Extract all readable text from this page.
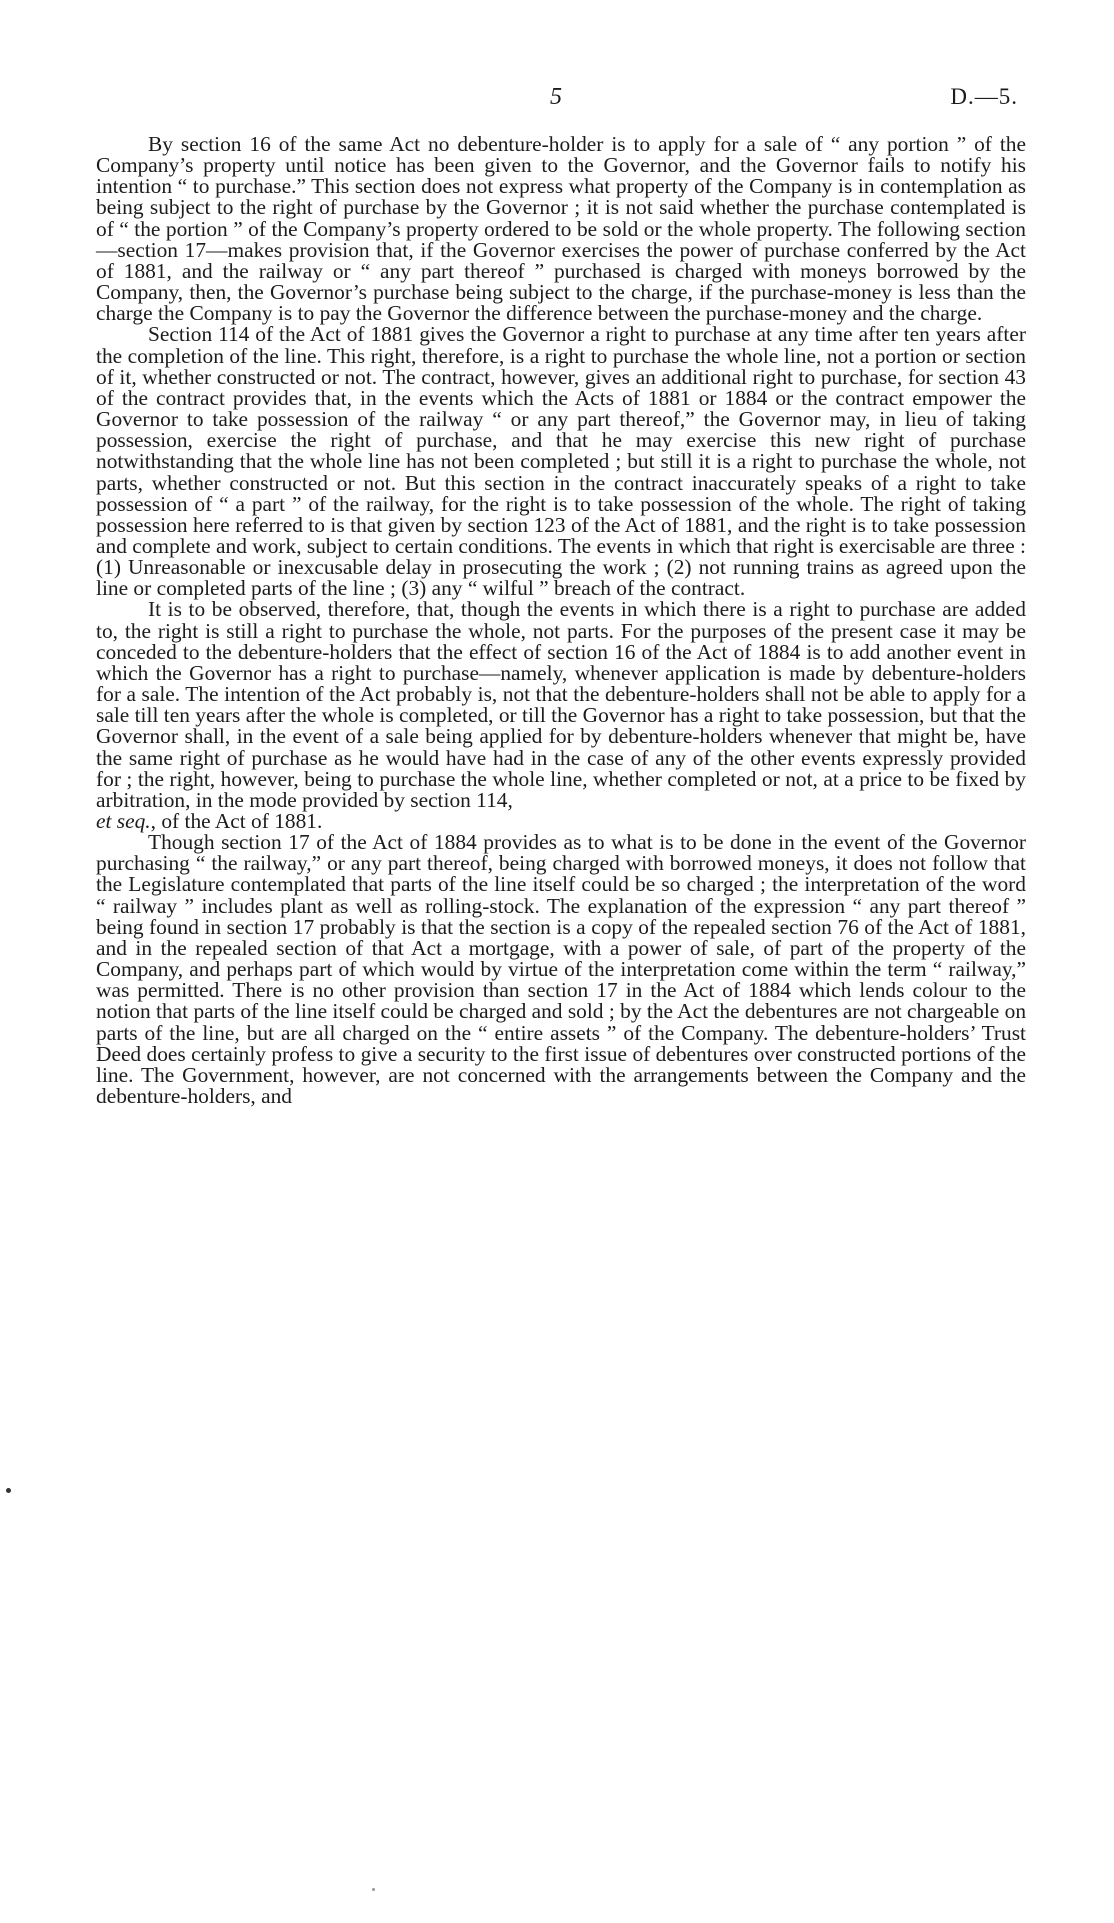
5	D.—5.

By section 16 of the same Act no debenture-holder is to apply for a sale of “ any portion ” of the Company’s property until notice has been given to the Governor, and the Governor fails to notify his intention “ to purchase.” This section does not express what property of the Company is in contemplation as being subject to the right of purchase by the Governor ; it is not said whether the purchase contemplated is of “ the portion ” of the Company’s property ordered to be sold or the whole property. The following section—section 17—makes provision that, if the Governor exercises the power of purchase conferred by the Act of 1881, and the railway or “ any part thereof ” purchased is charged with moneys borrowed by the Company, then, the Governor’s purchase being subject to the charge, if the purchase-money is less than the charge the Company is to pay the Governor the difference between the purchase-money and the charge.

Section 114 of the Act of 1881 gives the Governor a right to purchase at any time after ten years after the completion of the line. This right, therefore, is a right to purchase the whole line, not a portion or section of it, whether constructed or not. The contract, however, gives an additional right to purchase, for section 43 of the contract provides that, in the events which the Acts of 1881 or 1884 or the contract empower the Governor to take possession of the railway “ or any part thereof,” the Governor may, in lieu of taking possession, exercise the right of purchase, and that he may exercise this new right of purchase notwithstanding that the whole line has not been completed ; but still it is a right to purchase the whole, not parts, whether constructed or not. But this section in the contract inaccurately speaks of a right to take possession of “ a part ” of the railway, for the right is to take possession of the whole. The right of taking possession here referred to is that given by section 123 of the Act of 1881, and the right is to take possession and complete and work, subject to certain conditions. The events in which that right is exercisable are three : (1) Unreasonable or inexcusable delay in prosecuting the work ; (2) not running trains as agreed upon the line or completed parts of the line ; (3) any “ wilful ” breach of the contract.

It is to be observed, therefore, that, though the events in which there is a right to purchase are added to, the right is still a right to purchase the whole, not parts. For the purposes of the present case it may be conceded to the debenture-holders that the effect of section 16 of the Act of 1884 is to add another event in which the Governor has a right to purchase—namely, whenever application is made by debenture-holders for a sale. The intention of the Act probably is, not that the debenture-holders shall not be able to apply for a sale till ten years after the whole is completed, or till the Governor has a right to take possession, but that the Governor shall, in the event of a sale being applied for by debenture-holders whenever that might be, have the same right of purchase as he would have had in the case of any of the other events expressly provided for ; the right, however, being to purchase the whole line, whether completed or not, at a price to be fixed by arbitration, in the mode provided by section 114,
et seq., of the Act of 1881.

Though section 17 of the Act of 1884 provides as to what is to be done in the event of the Governor purchasing “ the railway,” or any part thereof, being charged with borrowed moneys, it does not follow that the Legislature contemplated that parts of the line itself could be so charged ; the interpretation of the word “ railway ” includes plant as well as rolling-stock. The explanation of the expression “ any part thereof ” being found in section 17 probably is that the section is a copy of the repealed section 76 of the Act of 1881, and in the repealed section of that Act a mortgage, with a power of sale, of part of the property of the Company, and perhaps part of which would by virtue of the interpretation come within the term “ railway,” was permitted. There is no other provision than section 17 in the Act of 1884 which lends colour to the notion that parts of the line itself could be charged and sold ; by the Act the debentures are not chargeable on parts of the line, but are all charged on the “ entire assets ” of the Company. The debenture-holders’ Trust Deed does certainly profess to give a security to the first issue of debentures over constructed portions of the line. The Government, however, are not concerned with the arrangements between the Company and the debenture-holders, and
